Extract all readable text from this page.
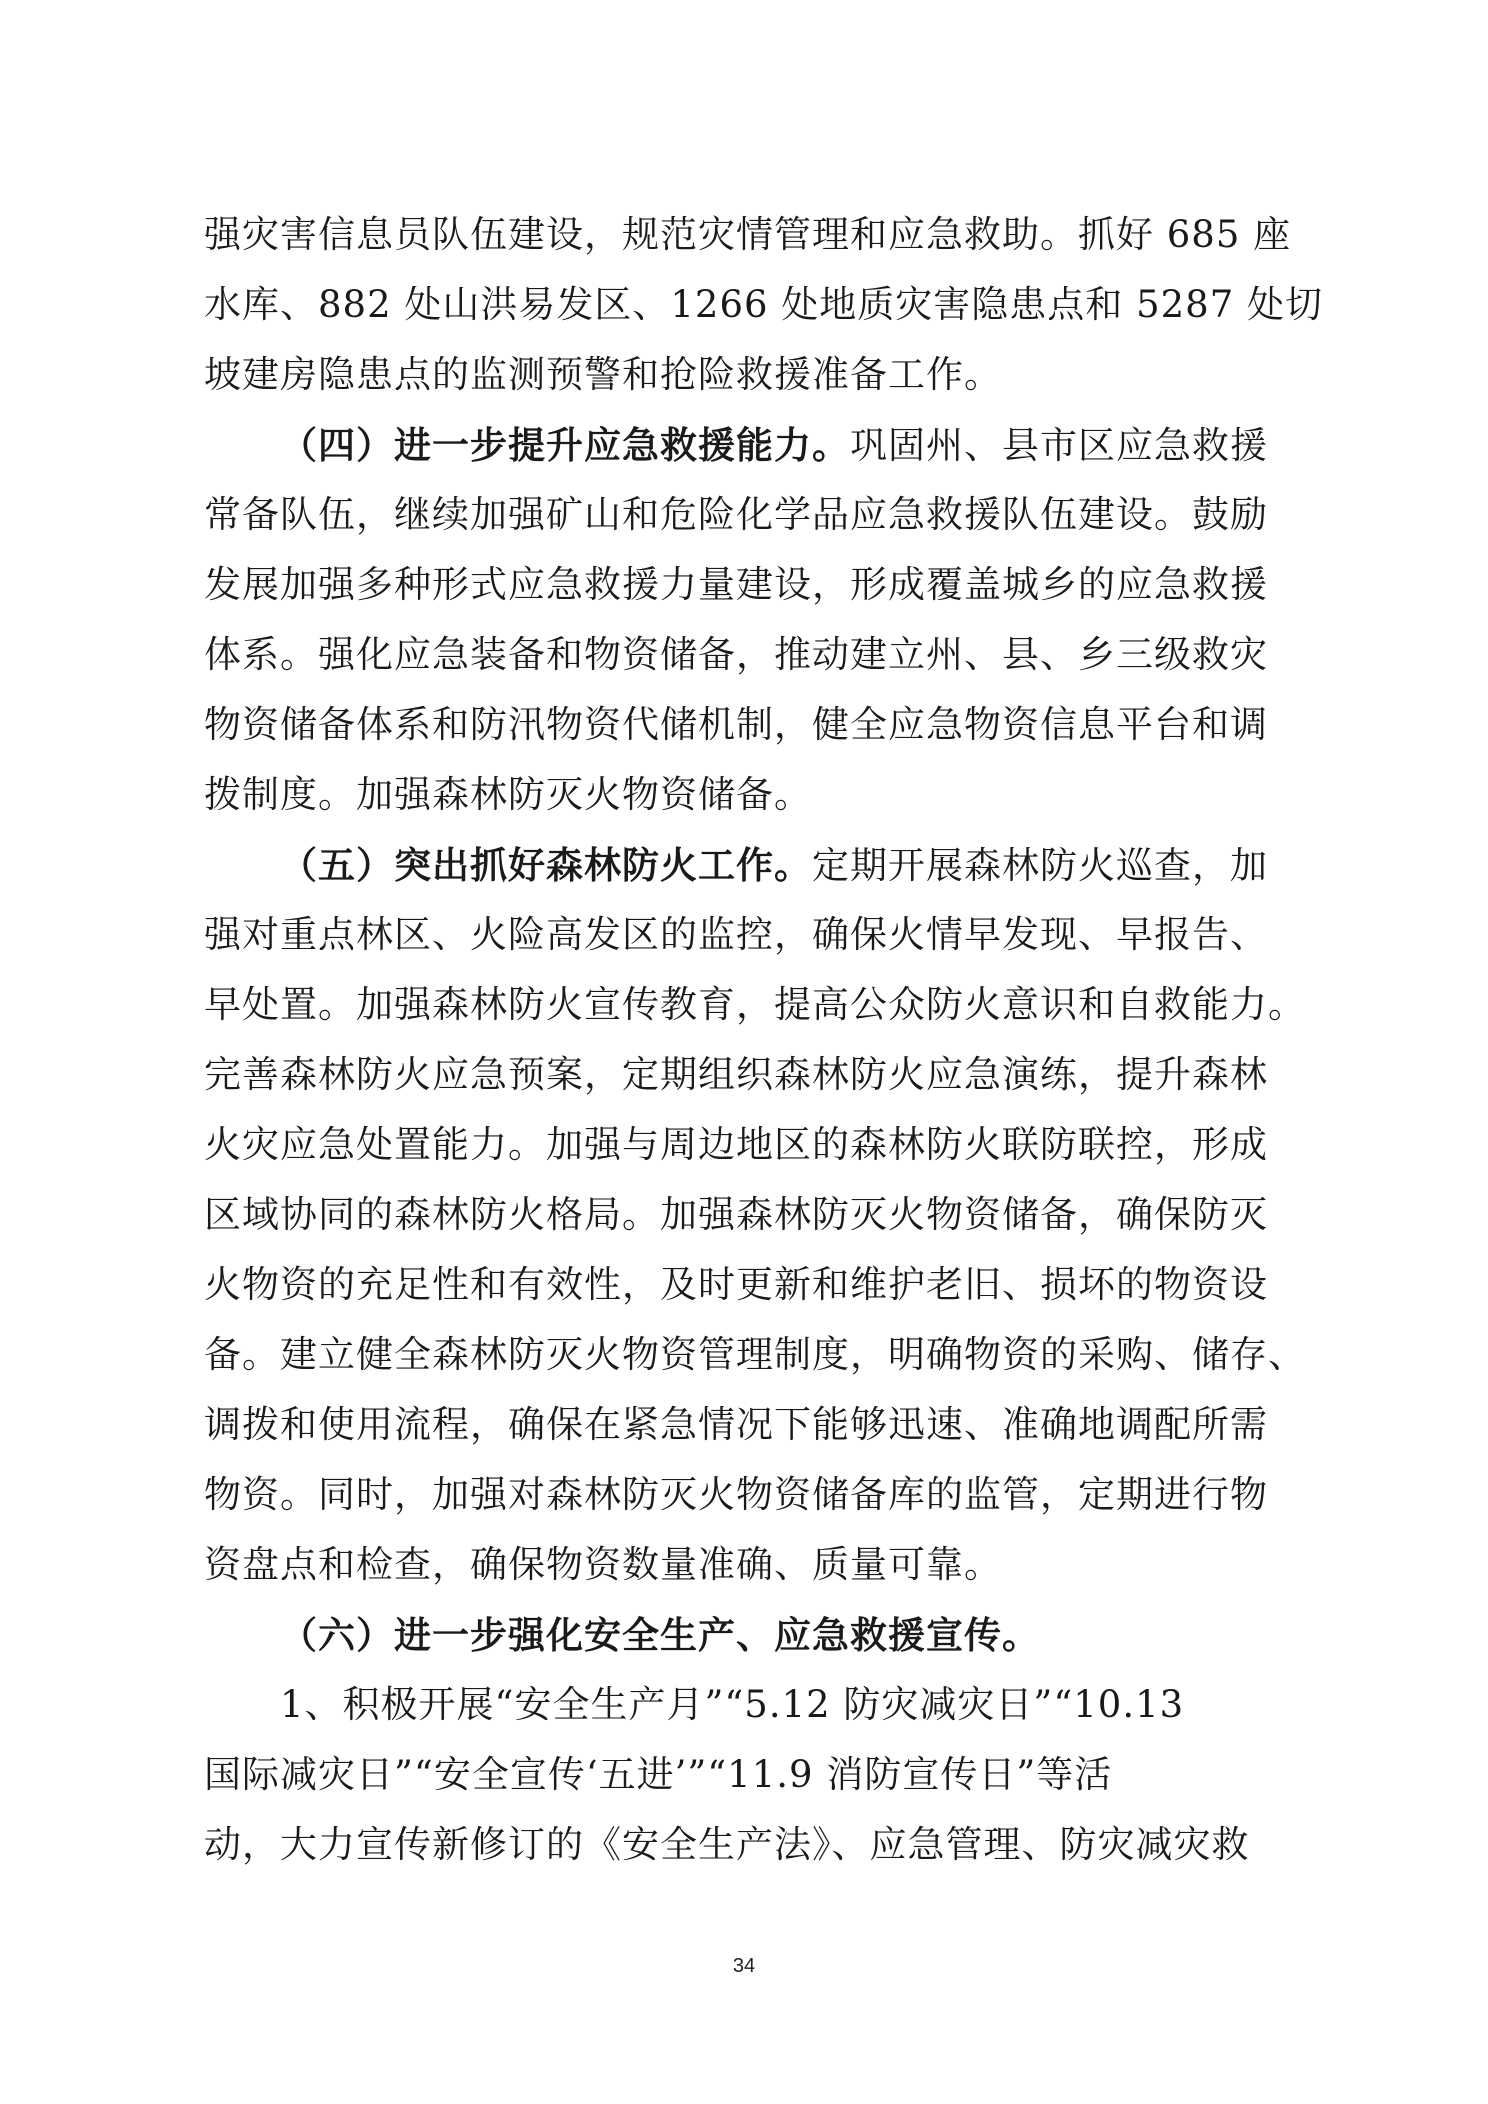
强灾害信息员队伍建设，规范灾情管理和应急救助。抓好 685 座
水库、882 处山洪易发区、1266 处地质灾害隐患点和 5287 处切
坡建房隐患点的监测预警和抢险救援准备工作。
（四）进一步提升应急救援能力。巩固州、县市区应急救援
常备队伍，继续加强矿山和危险化学品应急救援队伍建设。鼓励
发展加强多种形式应急救援力量建设，形成覆盖城乡的应急救援
体系。强化应急装备和物资储备，推动建立州、县、乡三级救灾
物资储备体系和防汛物资代储机制，健全应急物资信息平台和调
拨制度。加强森林防灭火物资储备。
（五）突出抓好森林防火工作。定期开展森林防火巡查，加
强对重点林区、火险高发区的监控，确保火情早发现、早报告、
早处置。加强森林防火宣传教育，提高公众防火意识和自救能力。
完善森林防火应急预案，定期组织森林防火应急演练，提升森林
火灾应急处置能力。加强与周边地区的森林防火联防联控，形成
区域协同的森林防火格局。加强森林防灭火物资储备，确保防灭
火物资的充足性和有效性，及时更新和维护老旧、损坏的物资设
备。建立健全森林防灭火物资管理制度，明确物资的采购、储存、
调拨和使用流程，确保在紧急情况下能够迅速、准确地调配所需
物资。同时，加强对森林防灭火物资储备库的监管，定期进行物
资盘点和检查，确保物资数量准确、质量可靠。
（六）进一步强化安全生产、应急救援宣传。
1、积极开展“安全生产月”“5.12 防灾减灾日”“10.13
国际减灾日”“安全宣传‘五进’”“11.9 消防宣传日”等活
动，大力宣传新修订的《安全生产法》、应急管理、防灾减灾救
34
